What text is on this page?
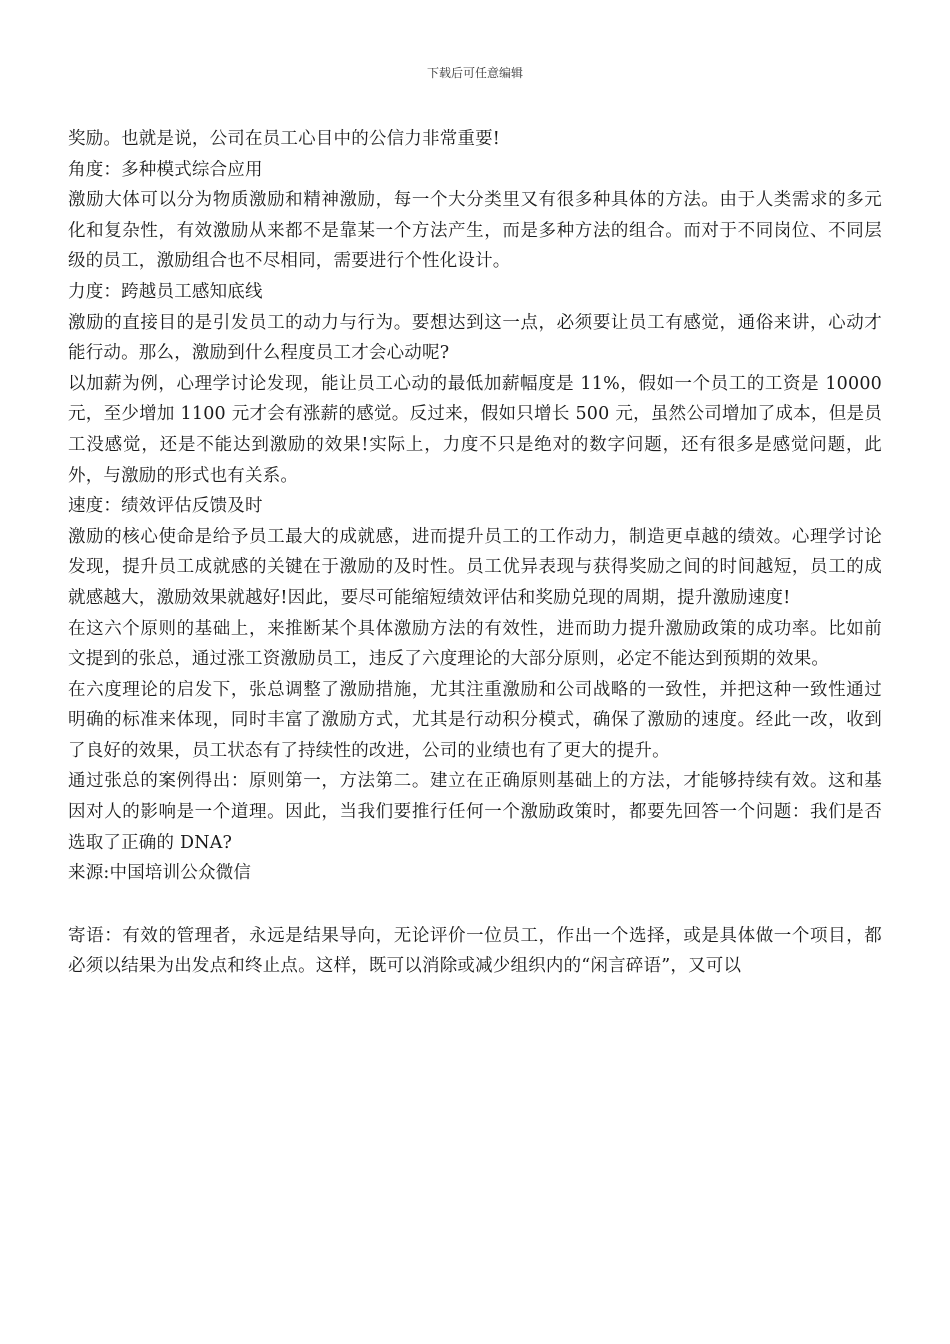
下载后可任意编辑

奖励。也就是说，公司在员工心目中的公信力非常重要!

角度：多种模式综合应用

激励大体可以分为物质激励和精神激励，每一个大分类里又有很多种具体的方法。由于人类需求的多元化和复杂性，有效激励从来都不是靠某一个方法产生，而是多种方法的组合。而对于不同岗位、不同层级的员工，激励组合也不尽相同，需要进行个性化设计。

力度：跨越员工感知底线

激励的直接目的是引发员工的动力与行为。要想达到这一点，必须要让员工有感觉，通俗来讲，心动才能行动。那么，激励到什么程度员工才会心动呢?

以加薪为例，心理学讨论发现，能让员工心动的最低加薪幅度是 11%，假如一个员工的工资是 10000 元，至少增加 1100 元才会有涨薪的感觉。反过来，假如只增长 500 元，虽然公司增加了成本，但是员工没感觉，还是不能达到激励的效果!实际上，力度不只是绝对的数字问题，还有很多是感觉问题，此外，与激励的形式也有关系。

速度：绩效评估反馈及时

激励的核心使命是给予员工最大的成就感，进而提升员工的工作动力，制造更卓越的绩效。心理学讨论发现，提升员工成就感的关键在于激励的及时性。员工优异表现与获得奖励之间的时间越短，员工的成就感越大，激励效果就越好!因此，要尽可能缩短绩效评估和奖励兑现的周期，提升激励速度!

在这六个原则的基础上，来推断某个具体激励方法的有效性，进而助力提升激励政策的成功率。比如前文提到的张总，通过涨工资激励员工，违反了六度理论的大部分原则，必定不能达到预期的效果。

在六度理论的启发下，张总调整了激励措施，尤其注重激励和公司战略的一致性，并把这种一致性通过明确的标准来体现，同时丰富了激励方式，尤其是行动积分模式，确保了激励的速度。经此一改，收到了良好的效果，员工状态有了持续性的改进，公司的业绩也有了更大的提升。

通过张总的案例得出：原则第一，方法第二。建立在正确原则基础上的方法，才能够持续有效。这和基因对人的影响是一个道理。因此，当我们要推行任何一个激励政策时，都要先回答一个问题：我们是否选取了正确的 DNA?

来源:中国培训公众微信

寄语：有效的管理者，永远是结果导向，无论评价一位员工，作出一个选择，或是具体做一个项目，都必须以结果为出发点和终止点。这样，既可以消除或减少组织内的“闲言碎语”，又可以
